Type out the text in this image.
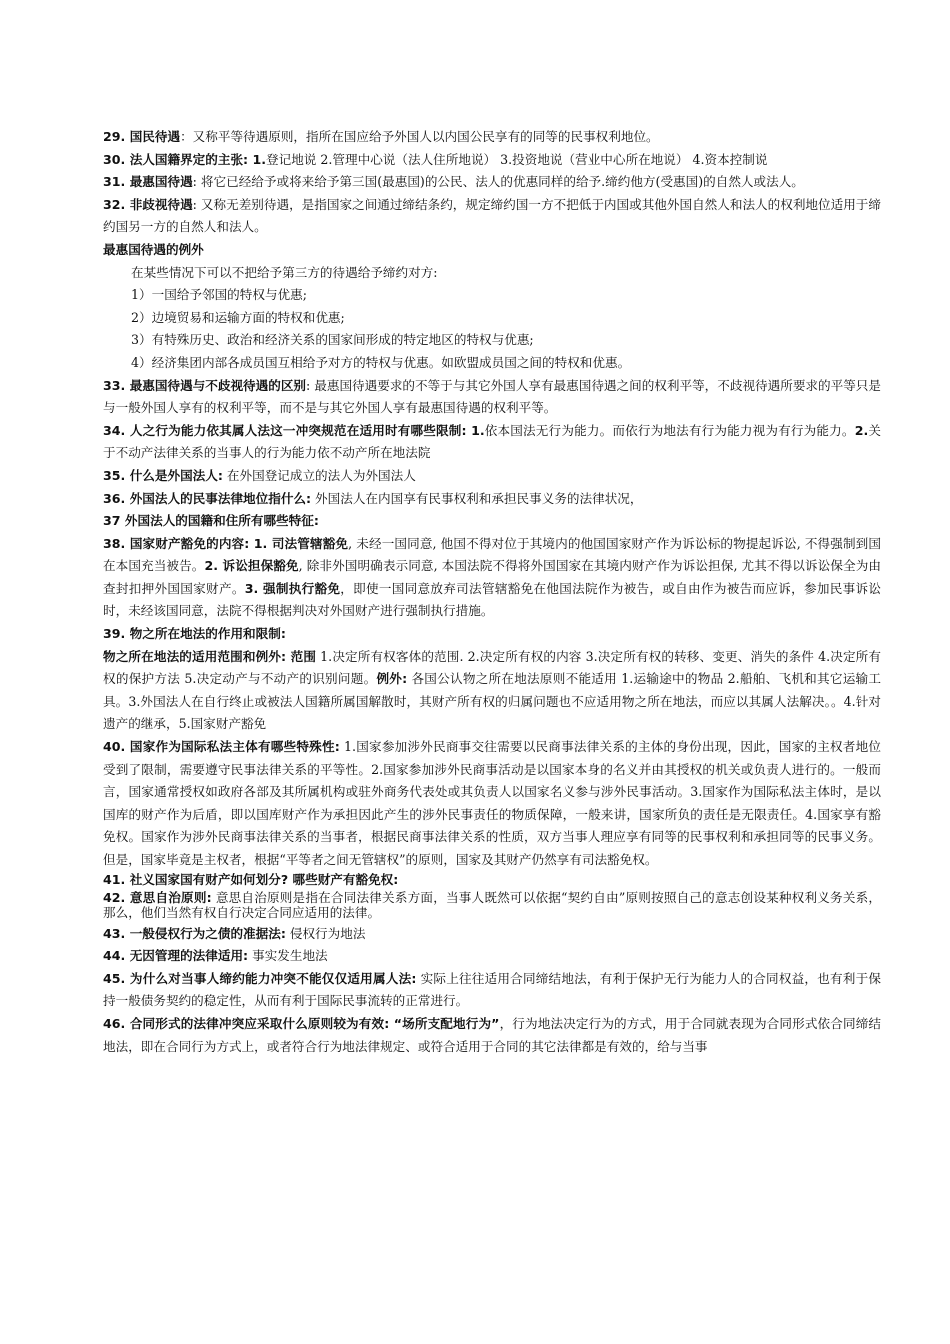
29. 国民待遇：又称平等待遇原则，指所在国应给予外国人以内国公民享有的同等的民事权利地位。

30. 法人国籍界定的主张: 1.登记地说 2.管理中心说（法人住所地说） 3.投资地说（营业中心所在地说） 4.资本控制说

31. 最惠国待遇: 将它已经给予或将来给予第三国(最惠国)的公民、法人的优惠同样的给予.缔约他方(受惠国)的自然人或法人。

32. 非歧视待遇: 又称无差别待遇，是指国家之间通过缔结条约，规定缔约国一方不把低于内国或其他外国自然人和法人的权利地位适用于缔约国另一方的自然人和法人。

最惠国待遇的例外

在某些情况下可以不把给予第三方的待遇给予缔约对方:

1）一国给予邻国的特权与优惠;

2）边境贸易和运输方面的特权和优惠;

3）有特殊历史、政治和经济关系的国家间形成的特定地区的特权与优惠;

4）经济集团内部各成员国互相给予对方的特权与优惠。如欧盟成员国之间的特权和优惠。

33. 最惠国待遇与不歧视待遇的区别: 最惠国待遇要求的不等于与其它外国人享有最惠国待遇之间的权利平等，不歧视待遇所要求的平等只是与一般外国人享有的权利平等，而不是与其它外国人享有最惠国待遇的权利平等。

34. 人之行为能力依其属人法这一冲突规范在适用时有哪些限制: 1.依本国法无行为能力。而依行为地法有行为能力视为有行为能力。2.关于不动产法律关系的当事人的行为能力依不动产所在地法院

35. 什么是外国法人: 在外国登记成立的法人为外国法人

36. 外国法人的民事法律地位指什么: 外国法人在内国享有民事权利和承担民事义务的法律状况，

37 外国法人的国籍和住所有哪些特征:

38. 国家财产豁免的内容: 1. 司法管辖豁免, 未经一国同意, 他国不得对位于其境内的他国国家财产作为诉讼标的物提起诉讼, 不得强制到国在本国充当被告。2. 诉讼担保豁免, 除非外国明确表示同意, 本国法院不得将外国国家在其境内财产作为诉讼担保, 尤其不得以诉讼保全为由查封扣押外国国家财产。3. 强制执行豁免，即使一国同意放弃司法管辖豁免在他国法院作为被告，或自由作为被告而应诉，参加民事诉讼时，未经该国同意，法院不得根据判决对外国财产进行强制执行措施。

39. 物之所在地法的作用和限制:

物之所在地法的适用范围和例外: 范围 1.决定所有权客体的范围. 2.决定所有权的内容 3.决定所有权的转移、变更、消失的条件 4.决定所有权的保护方法 5.决定动产与不动产的识别问题。例外: 各国公认物之所在地法原则不能适用 1.运输途中的物品 2.船舶、飞机和其它运输工具。3.外国法人在自行终止或被法人国籍所属国解散时，其财产所有权的归属问题也不应适用物之所在地法，而应以其属人法解决。。4.针对遗产的继承，5.国家财产豁免

40. 国家作为国际私法主体有哪些特殊性: 1.国家参加涉外民商事交往需要以民商事法律关系的主体的身份出现，因此，国家的主权者地位受到了限制，需要遵守民事法律关系的平等性。2.国家参加涉外民商事活动是以国家本身的名义并由其授权的机关或负责人进行的。一般而言，国家通常授权如政府各部及其所属机构或驻外商务代表处或其负责人以国家名义参与涉外民事活动。3.国家作为国际私法主体时，是以国库的财产作为后盾，即以国库财产作为承担因此产生的涉外民事责任的物质保障，一般来讲，国家所负的责任是无限责任。4.国家享有豁免权。国家作为涉外民商事法律关系的当事者，根据民商事法律关系的性质，双方当事人理应享有同等的民事权利和承担同等的民事义务。但是，国家毕竟是主权者，根据“平等者之间无管辖权”的原则，国家及其财产仍然享有司法豁免权。

41. 社义国家国有财产如何划分? 哪些财产有豁免权:

42. 意思自治原则: 意思自治原则是指在合同法律关系方面，当事人既然可以依据“契约自由”原则按照自己的意志创设某种权利义务关系，那么，他们当然有权自行决定合同应适用的法律。

43. 一般侵权行为之债的准据法: 侵权行为地法

44. 无因管理的法律适用: 事实发生地法

45. 为什么对当事人缔约能力冲突不能仅仅适用属人法: 实际上往往适用合同缔结地法，有利于保护无行为能力人的合同权益，也有利于保持一般债务契约的稳定性，从而有利于国际民事流转的正常进行。

46. 合同形式的法律冲突应采取什么原则较为有效: “场所支配地行为”，行为地法决定行为的方式，用于合同就表现为合同形式依合同缔结地法，即在合同行为方式上，或者符合行为地法律规定、或符合适用于合同的其它法律都是有效的，给与当事
